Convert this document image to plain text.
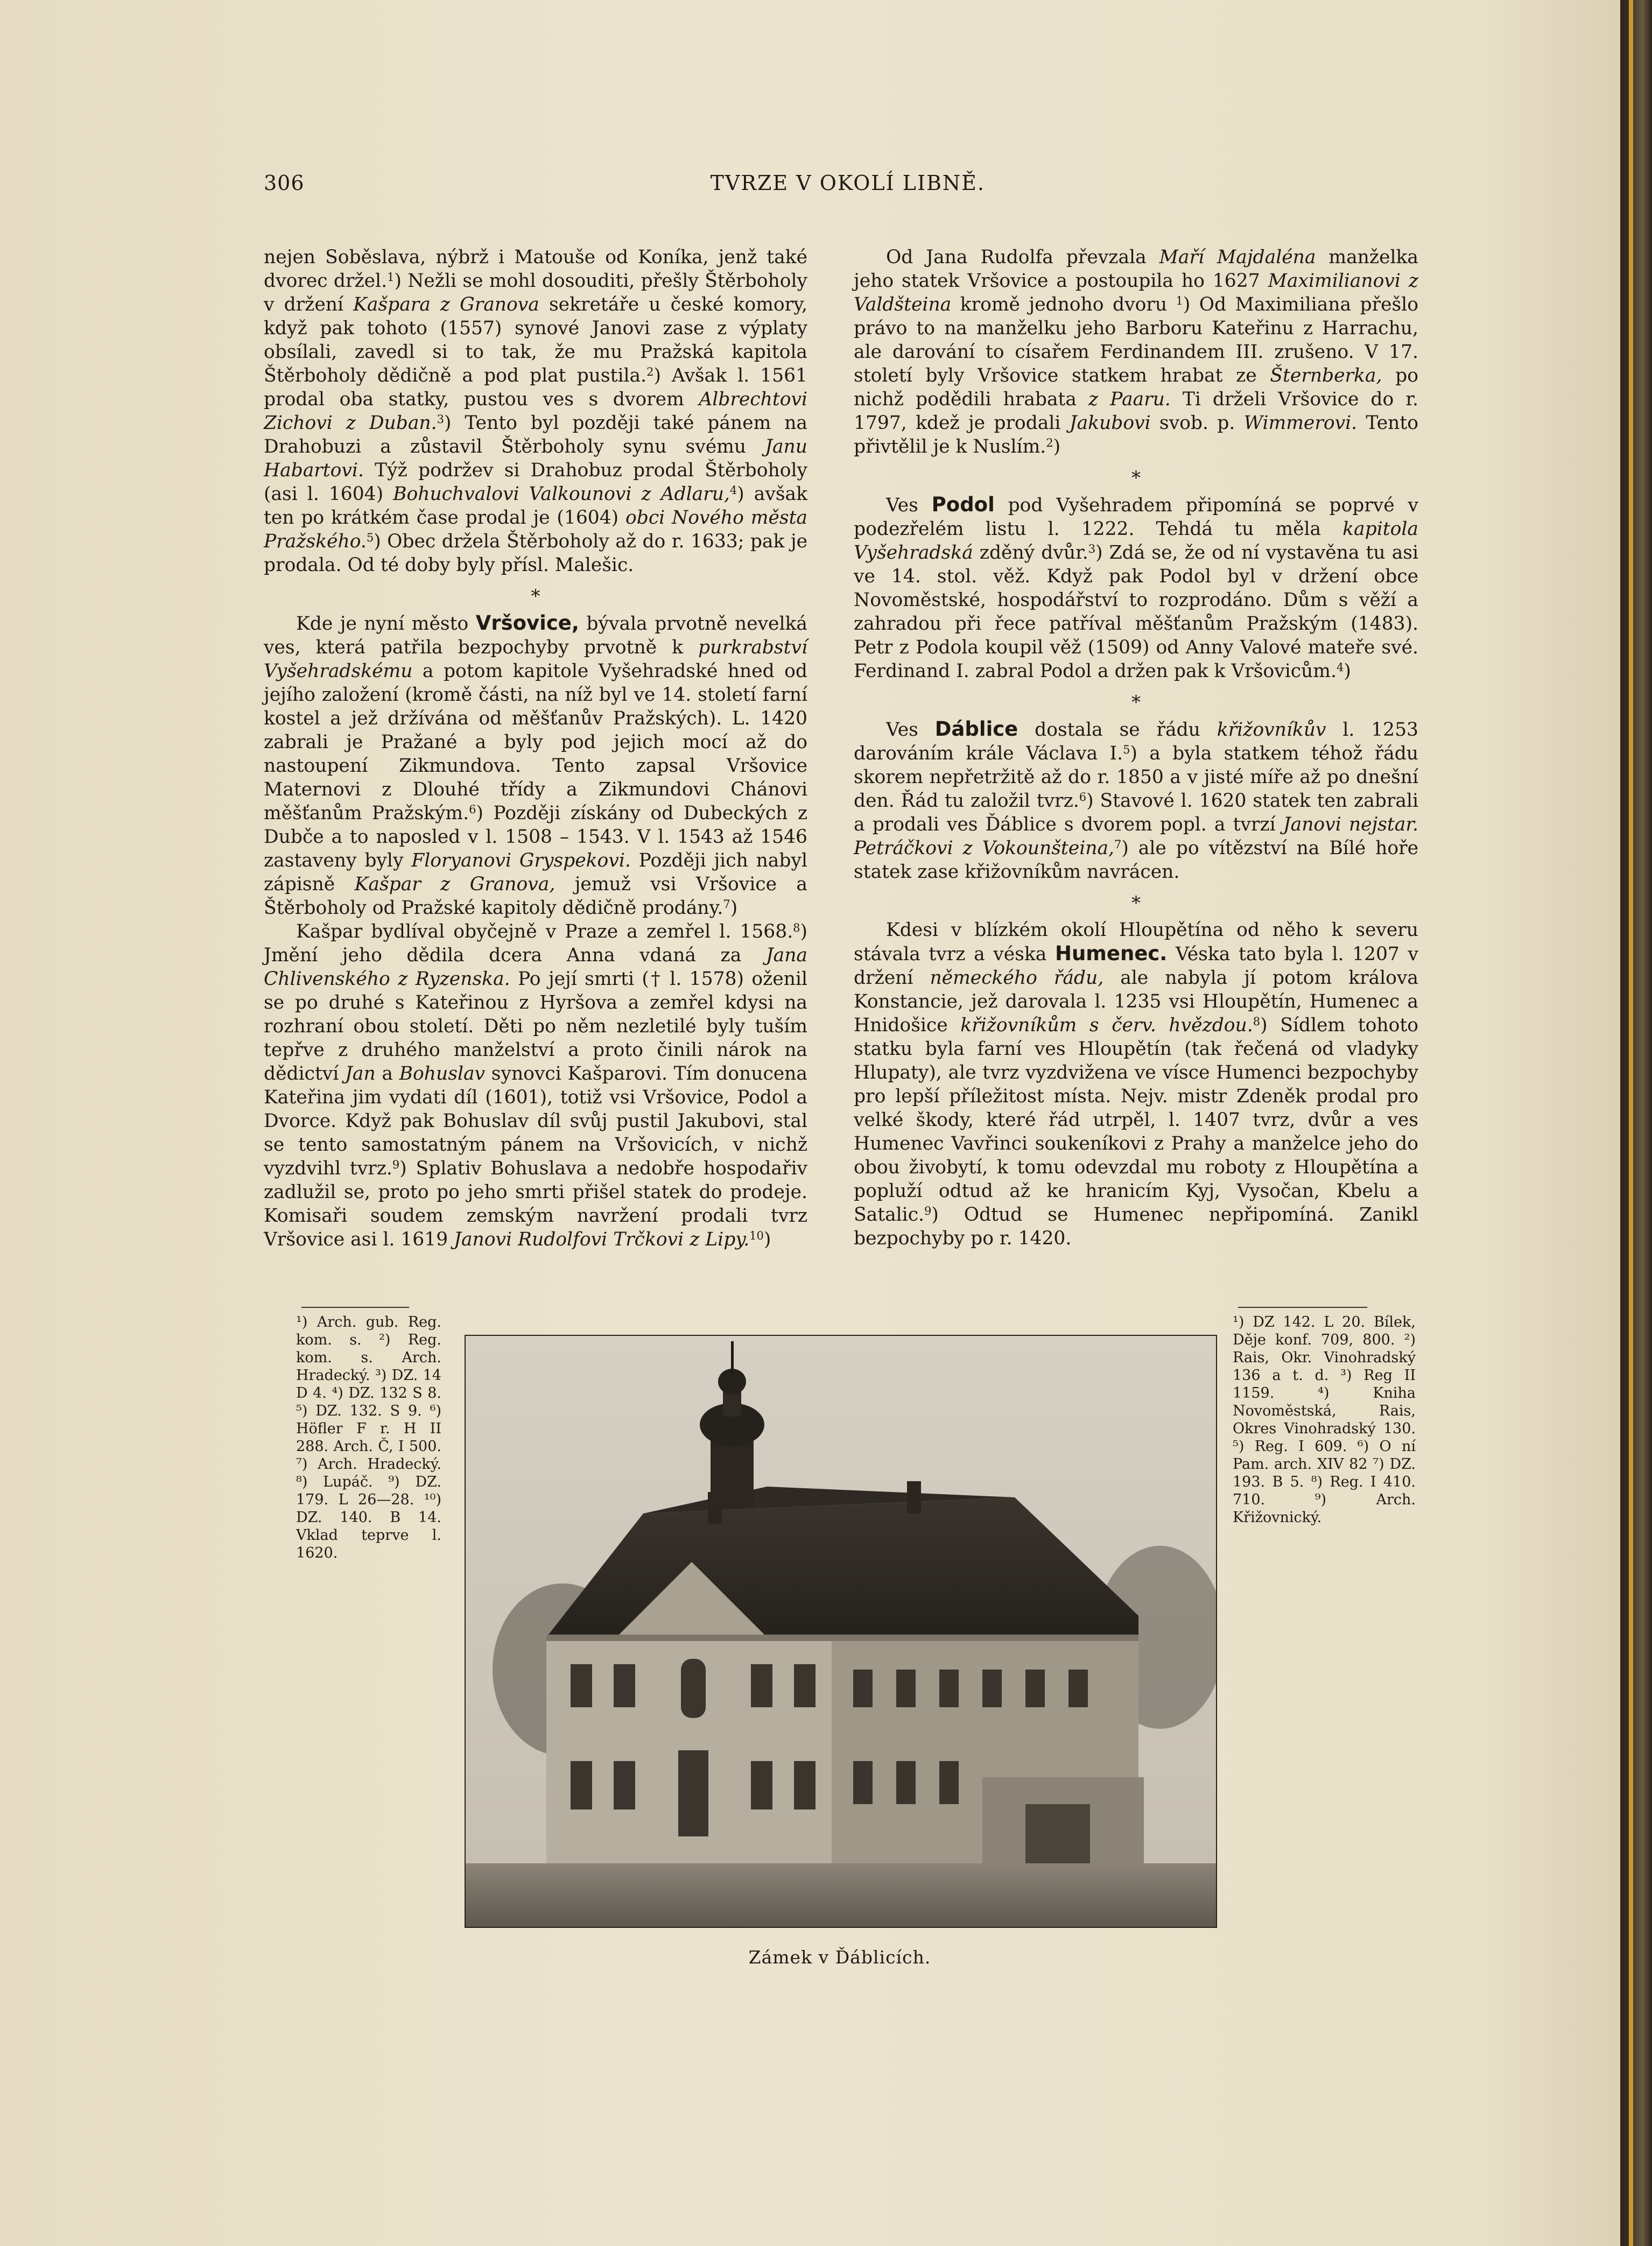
306	TVRZE V OKOLÍ LIBNĚ.

nejen Soběslava, nýbrž i Matouše od Koníka, jenž také dvorec držel.$^1$) Nežli se mohl dosouditi, přešly Štěrboholy v držení Kašpara z Granova sekretáře u české komory, když pak tohoto (1557) synové Janovi zase z výplaty obsílali, zavedl si to tak, že mu Pražská kapitola Štěrboholy dědičně a pod plat pustila.$^2$) Avšak l. 1561 prodal oba statky, pustou ves s dvorem Albrechtovi Zichovi z Duban.$^3$) Tento byl později také pánem na Drahobuzi a zůstavil Štěrboholy synu svému Janu Habartovi. Týž podržev si Drahobuz prodal Štěrboholy (asi l. 1604) Bohuchvalovi Valkounovi z Adlaru,$^4$) avšak ten po krátkém čase prodal je (1604) obci Nového města Pražského.$^5$) Obec držela Štěrboholy až do r. 1633; pak je prodala. Od té doby byly přísl. Malešic.

*

Kde je nyní město Vršovice, bývala prvotně nevelká ves, která patřila bezpochyby prvotně k purkrabství Vyšehradskému a potom kapitole Vyšehradské hned od jejího založení (kromě části, na níž byl ve 14. století farní kostel a jež držívána od měšťanův Pražských). L. 1420 zabrali je Pražané a byly pod jejich mocí až do nastoupení Zikmundova. Tento zapsal Vršovice Maternovi z Dlouhé třídy a Zikmundovi Chánovi měšťanům Pražským.$^6$) Později získány od Dubeckých z Dubče a to naposled v l. 1508 – 1543. V l. 1543 až 1546 zastaveny byly Floryanovi Gryspekovi. Později jich nabyl zápisně Kašpar z Granova, jemuž vsi Vršovice a Štěrboholy od Pražské kapitoly dědičně prodány.$^7$)

Kašpar bydlíval obyčejně v Praze a zemřel l. 1568.$^8$) Jmění jeho dědila dcera Anna vdaná za Jana Chlivenského z Ryzenska. Po její smrti († l. 1578) oženil se po druhé s Kateřinou z Hyršova a zemřel kdysi na rozhraní obou století. Děti po něm nezletilé byly tuším tepřve z druhého manželství a proto činili nárok na dědictví Jan a Bohuslav synovci Kašparovi. Tím donucena Kateřina jim vydati díl (1601), totiž vsi Vršovice, Podol a Dvorce. Když pak Bohuslav díl svůj pustil Jakubovi, stal se tento samostatným pánem na Vršovicích, v nichž vyzdvihl tvrz.$^9$) Splativ Bohuslava a nedobře hospodařiv zadlužil se, proto po jeho smrti přišel statek do prodeje. Komisaři soudem zemským navržení prodali tvrz Vršovice asi l. 1619 Janovi Rudolfovi Trčkovi z Lipy.$^{10}$)

Od Jana Rudolfa převzala Maří Majdaléna manželka jeho statek Vršovice a postoupila ho 1627 Maximilianovi z Valdšteina kromě jednoho dvoru $^1$) Od Maximiliana přešlo právo to na manželku jeho Barboru Kateřinu z Harrachu, ale darování to císařem Ferdinandem III. zrušeno. V 17. století byly Vršovice statkem hrabat ze Šternberka, po nichž podědili hrabata z Paaru. Ti drželi Vršovice do r. 1797, kdež je prodali Jakubovi svob. p. Wimmerovi. Tento přivtělil je k Nuslím.$^2$)

*

Ves Podol pod Vyšehradem připomíná se poprvé v podezřelém listu l. 1222. Tehdá tu měla kapitola Vyšehradská zděný dvůr.$^3$) Zdá se, že od ní vystavěna tu asi ve 14. stol. věž. Když pak Podol byl v držení obce Novoměstské, hospodářství to rozprodáno. Dům s věží a zahradou při řece patříval měšťanům Pražským (1483). Petr z Podola koupil věž (1509) od Anny Valové mateře své. Ferdinand I. zabral Podol a držen pak k Vršovicům.$^4$)

*

Ves Dáblice dostala se řádu křižovníkův l. 1253 darováním krále Václava I.$^5$) a byla statkem téhož řádu skorem nepřetržitě až do r. 1850 a v jisté míře až po dnešní den. Řád tu založil tvrz.$^6$) Stavové l. 1620 statek ten zabrali a prodali ves Ďáblice s dvorem popl. a tvrzí Janovi nejstar. Petráčkovi z Vokounšteina,$^7$) ale po vítězství na Bílé hoře statek zase křižovníkům navrácen.

*

Kdesi v blízkém okolí Hloupětína od něho k severu stávala tvrz a véska Humenec. Véska tato byla l. 1207 v držení německého řádu, ale nabyla jí potom králova Konstancie, jež darovala l. 1235 vsi Hloupětín, Humenec a Hnidošice křižovníkům s červ. hvězdou.$^8$) Sídlem tohoto statku byla farní ves Hloupětín (tak řečená od vladyky Hlupaty), ale tvrz vyzdvižena ve vísce Humenci bezpochyby pro lepší příležitost místa. Nejv. mistr Zdeněk prodal pro velké škody, které řád utrpěl, l. 1407 tvrz, dvůr a ves Humenec Vavřinci soukeníkovi z Prahy a manželce jeho do obou živobytí, k tomu odevzdal mu roboty z Hloupětína a popluží odtud až ke hranicím Kyj, Vysočan, Kbelu a Satalic.$^9$) Odtud se Humenec nepřipomíná. Zanikl bezpochyby po r. 1420.

¹) Arch. gub. Reg. kom. s. ²) Reg. kom. s. Arch. Hradecký. ³) DZ. 14 D 4. ⁴) DZ. 132 S 8. ⁵) DZ. 132. S 9. ⁶) Höfler F r. H II 288. Arch. Č, I 500. ⁷) Arch. Hradecký. ⁸) Lupáč. ⁹) DZ. 179. L 26—28. ¹⁰) DZ. 140. B 14. Vklad teprve l. 1620.
¹) DZ 142. L 20. Bílek, Děje konf. 709, 800. ²) Rais, Okr. Vinohradský 136 a t. d. ³) Reg II 1159. ⁴) Kniha Novoměstská, Rais, Okres Vinohradský 130. ⁵) Reg. I 609. ⁶) O ní Pam. arch. XIV 82 ⁷) DZ. 193. B 5. ⁸) Reg. I 410. 710. ⁹) Arch. Křižovnický.
Zámek v Ďáblicích.
